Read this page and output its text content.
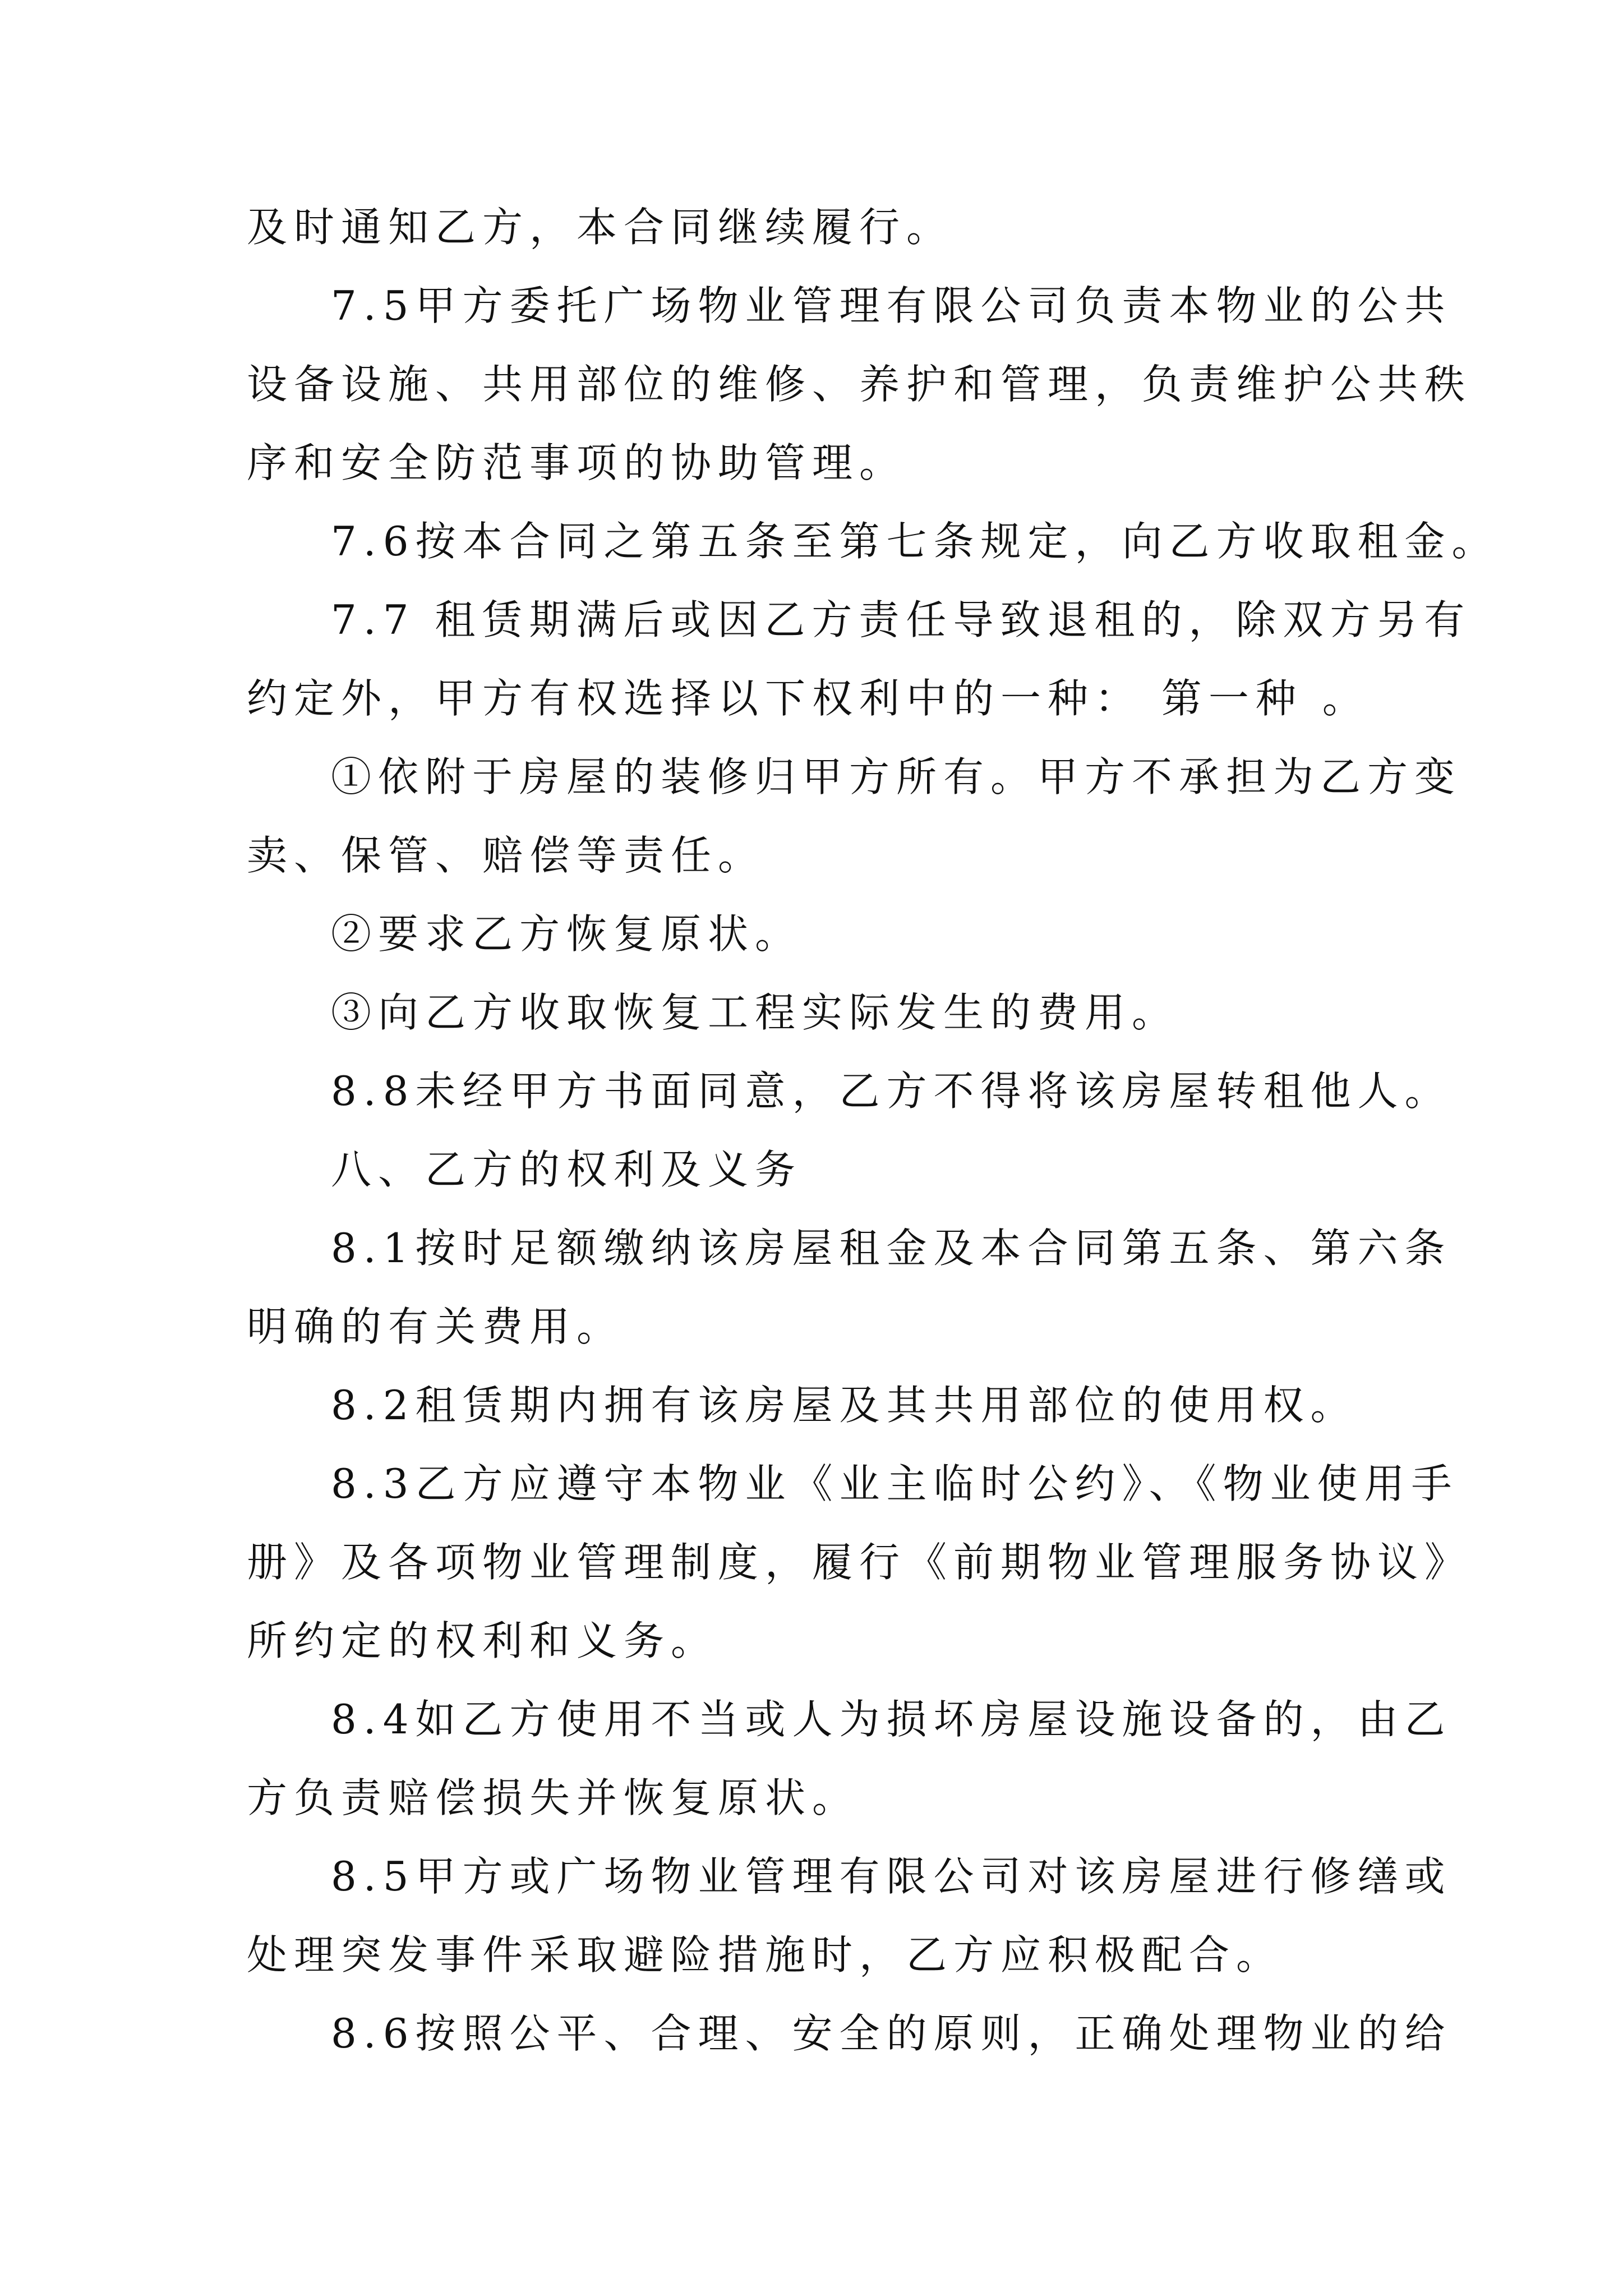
及时通知乙方，本合同继续履行。
7.5甲方委托广场物业管理有限公司负责本物业的公共
设备设施、共用部位的维修、养护和管理，负责维护公共秩
序和安全防范事项的协助管理。
7.6按本合同之第五条至第七条规定，向乙方收取租金。
7.7 租赁期满后或因乙方责任导致退租的，除双方另有
约定外，甲方有权选择以下权利中的一种： 第一种 。
①依附于房屋的装修归甲方所有。甲方不承担为乙方变
卖、保管、赔偿等责任。
②要求乙方恢复原状。
③向乙方收取恢复工程实际发生的费用。
8.8未经甲方书面同意，乙方不得将该房屋转租他人。
八、乙方的权利及义务
8.1按时足额缴纳该房屋租金及本合同第五条、第六条
明确的有关费用。
8.2租赁期内拥有该房屋及其共用部位的使用权。
8.3乙方应遵守本物业《业主临时公约》、《物业使用手
册》及各项物业管理制度，履行《前期物业管理服务协议》
所约定的权利和义务。
8.4如乙方使用不当或人为损坏房屋设施设备的，由乙
方负责赔偿损失并恢复原状。
8.5甲方或广场物业管理有限公司对该房屋进行修缮或
处理突发事件采取避险措施时，乙方应积极配合。
8.6按照公平、合理、安全的原则，正确处理物业的给
